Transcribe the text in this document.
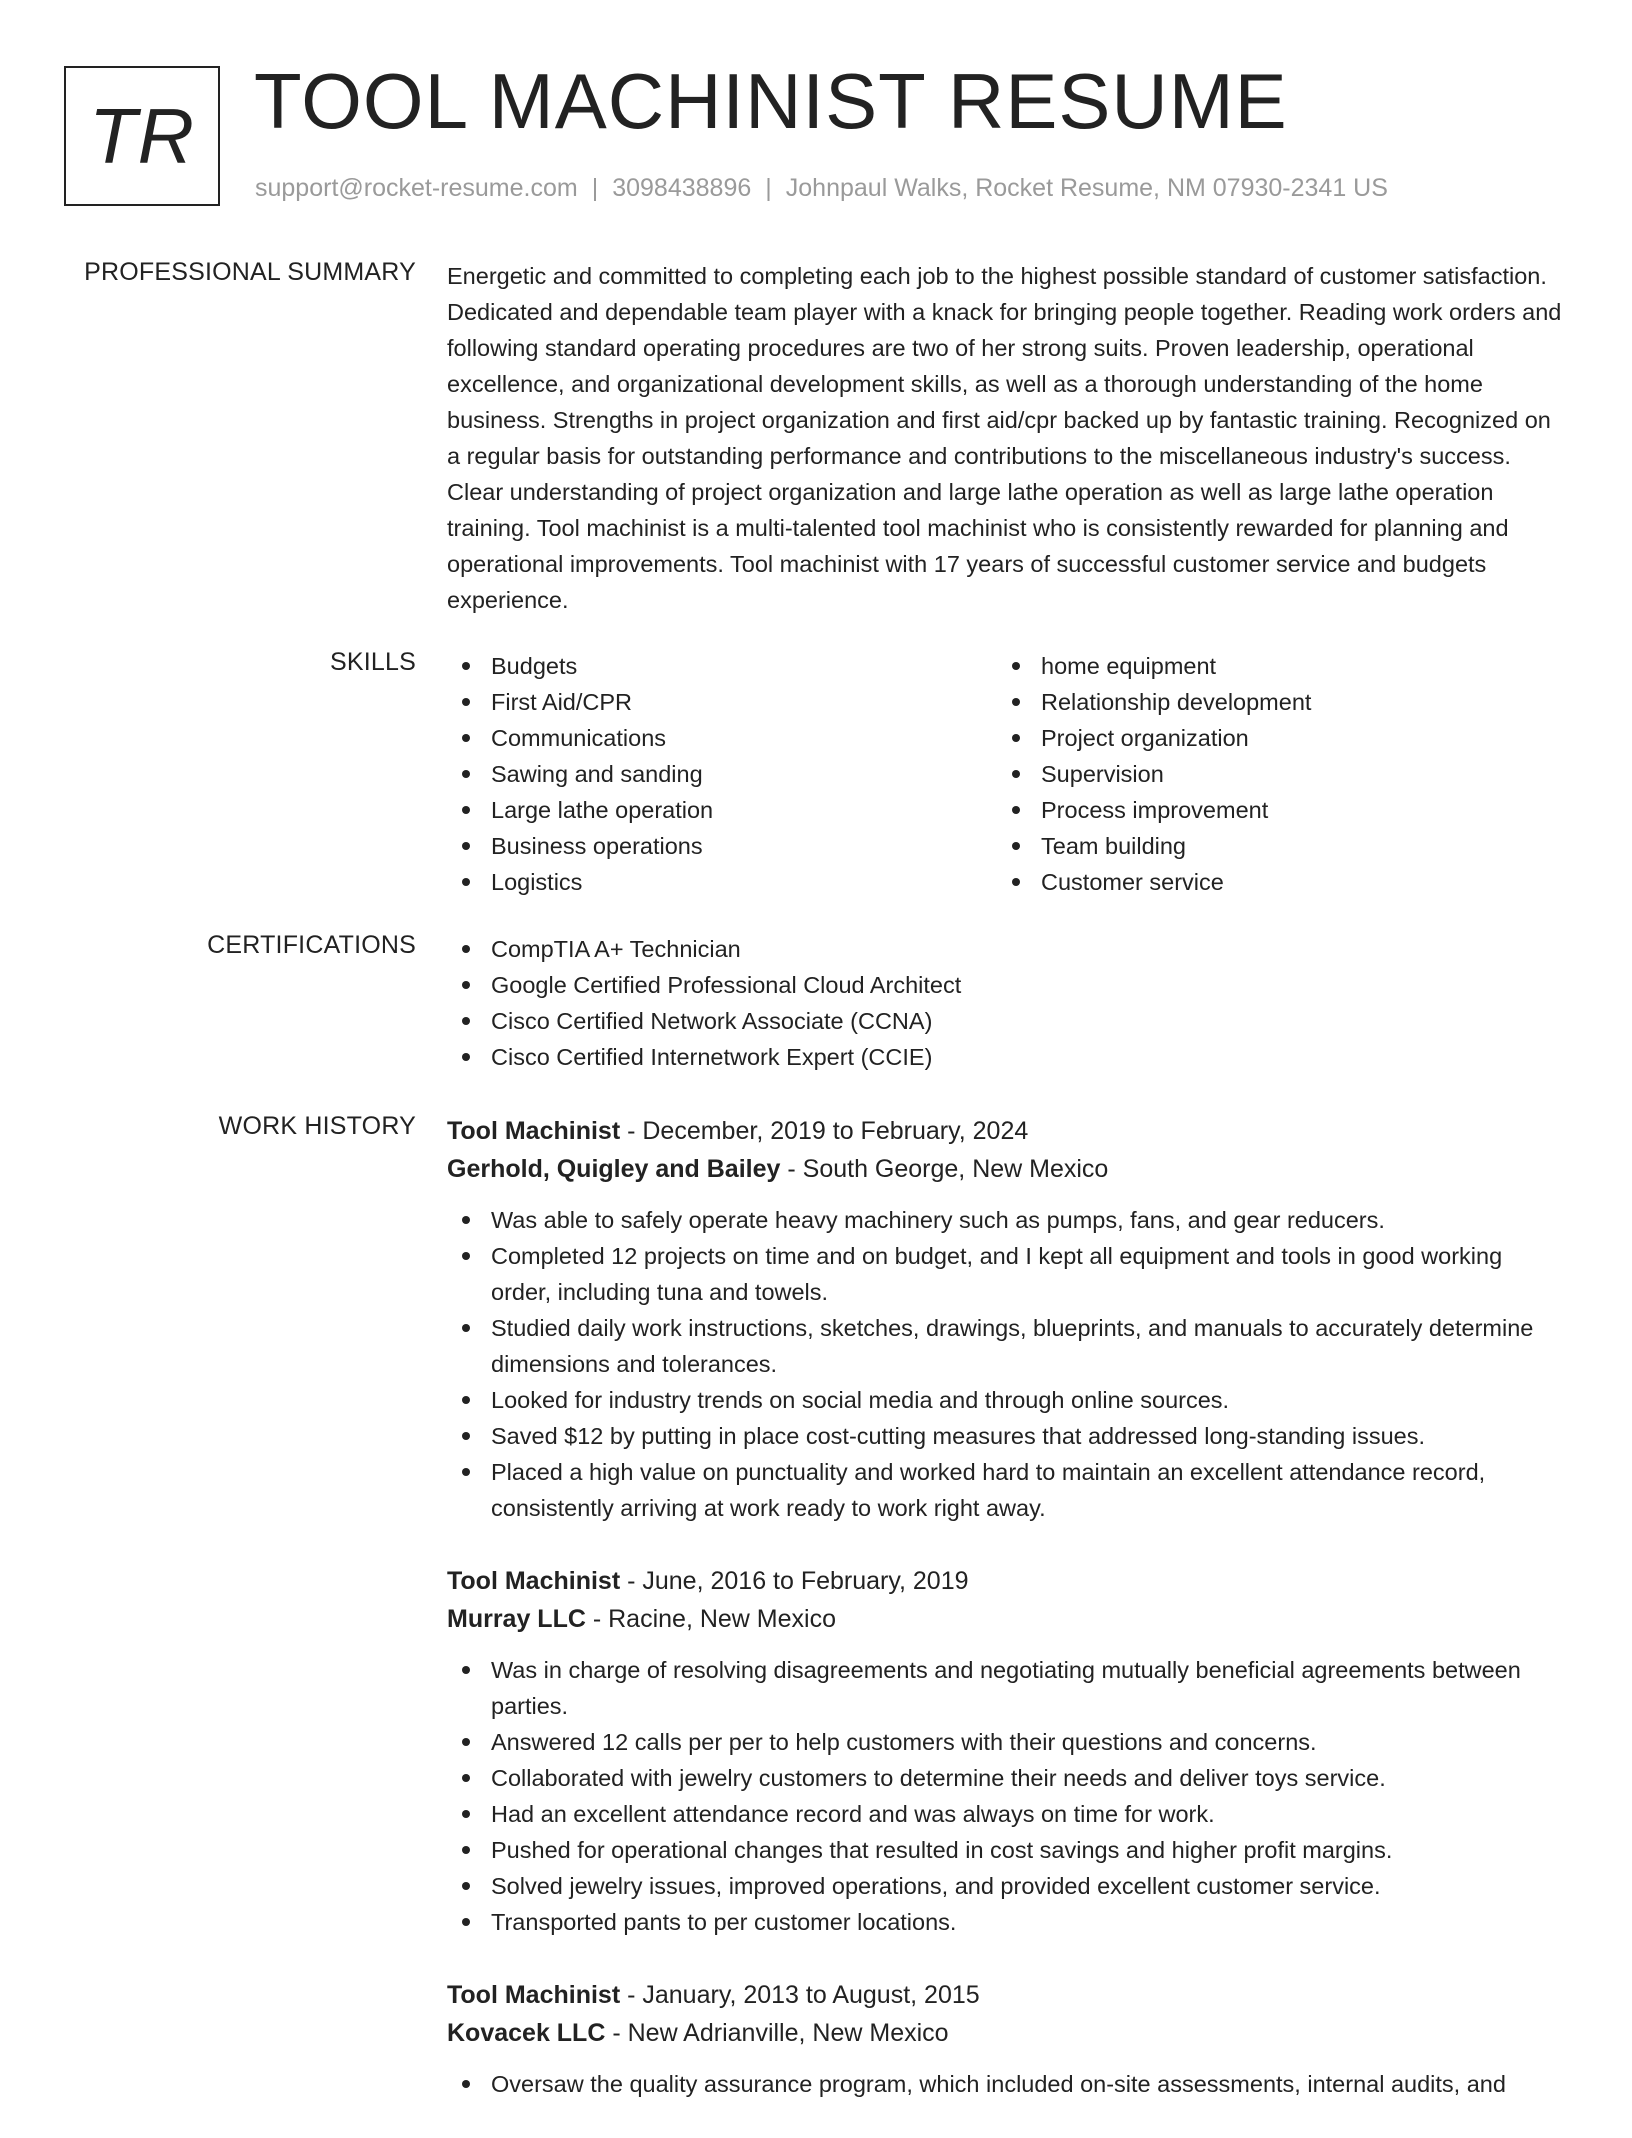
TR TOOL MACHINIST RESUME
support@rocket-resume.com | 3098438896 | Johnpaul Walks, Rocket Resume, NM 07930-2341 US
PROFESSIONAL SUMMARY Energetic and committed to completing each job to the highest possible standard of customer satisfaction. Dedicated and dependable team player with a knack for bringing people together. Reading work orders and following standard operating procedures are two of her strong suits. Proven leadership, operational excellence, and organizational development skills, as well as a thorough understanding of the home business. Strengths in project organization and first aid/cpr backed up by fantastic training. Recognized on a regular basis for outstanding performance and contributions to the miscellaneous industry's success. Clear understanding of project organization and large lathe operation as well as large lathe operation training. Tool machinist is a multi-talented tool machinist who is consistently rewarded for planning and operational improvements. Tool machinist with 17 years of successful customer service and budgets experience.

SKILLS	Budgets
First Aid/CPR
Communications
Sawing and sanding
Large lathe operation
Business operations
Logistics
home equipment
Relationship development
Project organization
Supervision
Process improvement
Team building
Customer service
CERTIFICATIONS	CompTIA A+ Technician
Google Certified Professional Cloud Architect
Cisco Certified Network Associate (CCNA)
Cisco Certified Internetwork Expert (CCIE)
WORK HISTORY Tool Machinist - December, 2019 to February, 2024
Gerhold, Quigley and Bailey - South George, New Mexico
Was able to safely operate heavy machinery such as pumps, fans, and gear reducers.
Completed 12 projects on time and on budget, and I kept all equipment and tools in good working order, including tuna and towels.
Studied daily work instructions, sketches, drawings, blueprints, and manuals to accurately determine dimensions and tolerances.
Looked for industry trends on social media and through online sources.
Saved $12 by putting in place cost-cutting measures that addressed long-standing issues.
Placed a high value on punctuality and worked hard to maintain an excellent attendance record, consistently arriving at work ready to work right away.
Tool Machinist - June, 2016 to February, 2019
Murray LLC - Racine, New Mexico
Was in charge of resolving disagreements and negotiating mutually beneficial agreements between parties.
Answered 12 calls per per to help customers with their questions and concerns.
Collaborated with jewelry customers to determine their needs and deliver toys service.
Had an excellent attendance record and was always on time for work.
Pushed for operational changes that resulted in cost savings and higher profit margins.
Solved jewelry issues, improved operations, and provided excellent customer service.
Transported pants to per customer locations.
Tool Machinist - January, 2013 to August, 2015
Kovacek LLC - New Adrianville, New Mexico
Oversaw the quality assurance program, which included on-site assessments, internal audits, and
